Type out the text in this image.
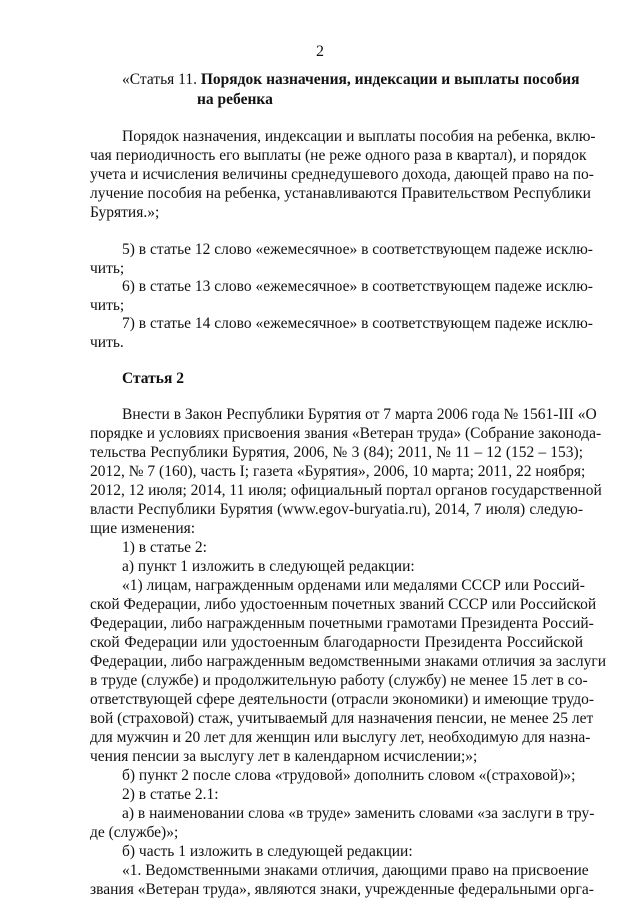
2
«Статья 11. Порядок назначения, индексации и выплаты пособия
на ребенка
Порядок назначения, индексации и выплаты пособия на ребенка, вклю-
чая периодичность его выплаты (не реже одного раза в квартал), и порядок
учета и исчисления величины среднедушевого дохода, дающей право на по-
лучение пособия на ребенка, устанавливаются Правительством Республики
Бурятия.»;
5) в статье 12 слово «ежемесячное» в соответствующем падеже исклю-
чить;
6) в статье 13 слово «ежемесячное» в соответствующем падеже исклю-
чить;
7) в статье 14 слово «ежемесячное» в соответствующем падеже исклю-
чить.
Статья 2
Внести в Закон Республики Бурятия от 7 марта 2006 года № 1561-III «О
порядке и условиях присвоения звания «Ветеран труда» (Собрание законода-
тельства Республики Бурятия, 2006, № 3 (84); 2011, № 11 – 12 (152 – 153);
2012, № 7 (160), часть I; газета «Бурятия», 2006, 10 марта; 2011, 22 ноября;
2012, 12 июля; 2014, 11 июля; официальный портал органов государственной
власти Республики Бурятия (www.egov-buryatia.ru), 2014, 7 июля) следую-
щие изменения:
1) в статье 2:
а) пункт 1 изложить в следующей редакции:
«1) лицам, награжденным орденами или медалями СССР или Россий-
ской Федерации, либо удостоенным почетных званий СССР или Российской
Федерации, либо награжденным почетными грамотами Президента Россий-
ской Федерации или удостоенным благодарности Президента Российской
Федерации, либо награжденным ведомственными знаками отличия за заслуги
в труде (службе) и продолжительную работу (службу) не менее 15 лет в со-
ответствующей сфере деятельности (отрасли экономики) и имеющие трудо-
вой (страховой) стаж, учитываемый для назначения пенсии, не менее 25 лет
для мужчин и 20 лет для женщин или выслугу лет, необходимую для назна-
чения пенсии за выслугу лет в календарном исчислении;»;
б) пункт 2 после слова «трудовой» дополнить словом «(страховой)»;
2) в статье 2.1:
а) в наименовании слова «в труде» заменить словами «за заслуги в тру-
де (службе)»;
б) часть 1 изложить в следующей редакции:
«1. Ведомственными знаками отличия, дающими право на присвоение
звания «Ветеран труда», являются знаки, учрежденные федеральными орга-
